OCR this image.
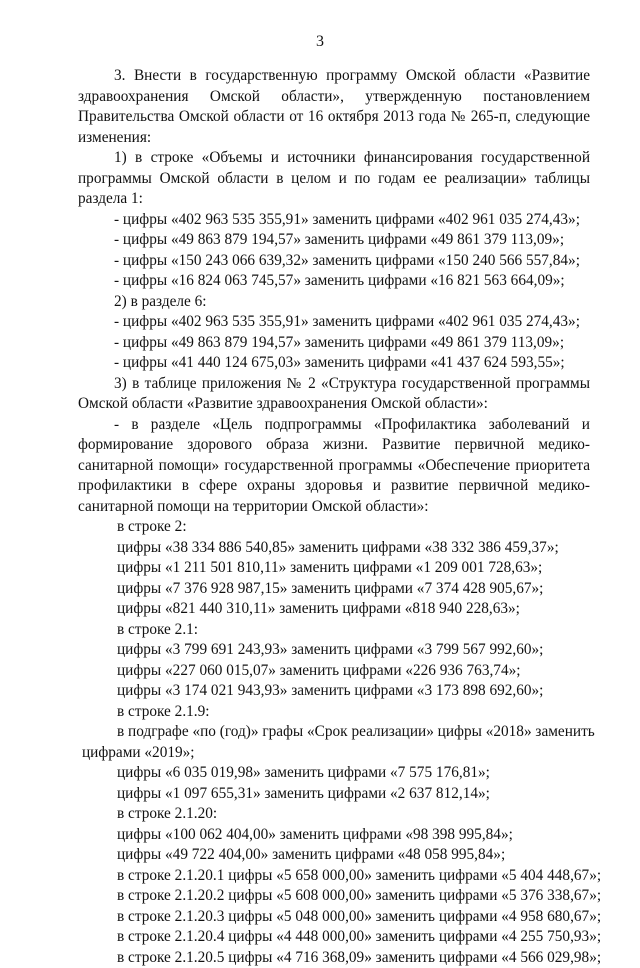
3
3. Внести в государственную программу Омской области «Развитие
здравоохранения Омской области», утвержденную постановлением
Правительства Омской области от 16 октября 2013 года № 265-п, следующие
изменения:
1) в строке «Объемы и источники финансирования государственной
программы Омской области в целом и по годам ее реализации» таблицы
раздела 1:
- цифры «402 963 535 355,91» заменить цифрами «402 961 035 274,43»;
- цифры «49 863 879 194,57» заменить цифрами «49 861 379 113,09»;
- цифры «150 243 066 639,32» заменить цифрами «150 240 566 557,84»;
- цифры «16 824 063 745,57» заменить цифрами «16 821 563 664,09»;
2) в разделе 6:
- цифры «402 963 535 355,91» заменить цифрами «402 961 035 274,43»;
- цифры «49 863 879 194,57» заменить цифрами «49 861 379 113,09»;
- цифры «41 440 124 675,03» заменить цифрами «41 437 624 593,55»;
3) в таблице приложения № 2 «Структура государственной программы
Омской области «Развитие здравоохранения Омской области»:
- в разделе «Цель подпрограммы «Профилактика заболеваний и
формирование здорового образа жизни. Развитие первичной медико-
санитарной помощи» государственной программы «Обеспечение приоритета
профилактики в сфере охраны здоровья и развитие первичной медико-
санитарной помощи на территории Омской области»:
в строке 2:
цифры «38 334 886 540,85» заменить цифрами «38 332 386 459,37»;
цифры «1 211 501 810,11» заменить цифрами «1 209 001 728,63»;
цифры «7 376 928 987,15» заменить цифрами «7 374 428 905,67»;
цифры «821 440 310,11» заменить цифрами «818 940 228,63»;
в строке 2.1:
цифры «3 799 691 243,93» заменить цифрами «3 799 567 992,60»;
цифры «227 060 015,07» заменить цифрами «226 936 763,74»;
цифры «3 174 021 943,93» заменить цифрами «3 173 898 692,60»;
в строке 2.1.9:
в подграфе «по (год)» графы «Срок реализации» цифры «2018» заменить
цифрами «2019»;
цифры «6 035 019,98» заменить цифрами «7 575 176,81»;
цифры «1 097 655,31» заменить цифрами «2 637 812,14»;
в строке 2.1.20:
цифры «100 062 404,00» заменить цифрами «98 398 995,84»;
цифры «49 722 404,00» заменить цифрами «48 058 995,84»;
в строке 2.1.20.1 цифры «5 658 000,00» заменить цифрами «5 404 448,67»;
в строке 2.1.20.2 цифры «5 608 000,00» заменить цифрами «5 376 338,67»;
в строке 2.1.20.3 цифры «5 048 000,00» заменить цифрами «4 958 680,67»;
в строке 2.1.20.4 цифры «4 448 000,00» заменить цифрами «4 255 750,93»;
в строке 2.1.20.5 цифры «4 716 368,09» заменить цифрами «4 566 029,98»;
